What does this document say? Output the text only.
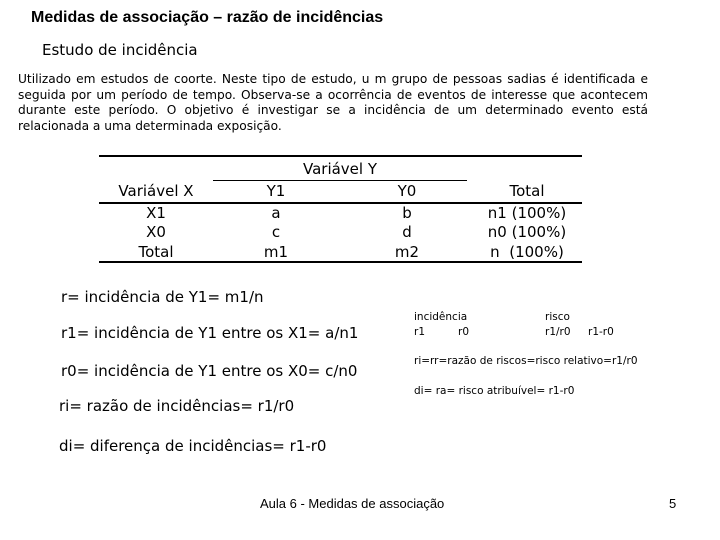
Medidas de associação – razão de incidências
Estudo de incidência
Utilizado em estudos de coorte. Neste tipo de estudo, u m grupo de pessoas sadias é identificada e
seguida por um período de tempo. Observa-se a ocorrência de eventos de interesse que acontecem
durante este período. O objetivo é investigar se a incidência de um determinado evento está
relacionada a uma determinada exposição.
Variável Y
Variável X	Y1	Y0	Total
X1	a	b	n1 (100%)
X0	c	d	n0 (100%)
Total	m1	m2	n  (100%)
r= incidência de Y1= m1/n
r1= incidência de Y1 entre os X1= a/n1
r0= incidência de Y1 entre os X0= c/n0
ri= razão de incidências= r1/r0
di= diferença de incidências= r1-r0
incidência	risco
r1	r0	r1/r0 r1-r0
ri=rr=razão de riscos=risco relativo=r1/r0
di= ra= risco atribuível= r1-r0
Aula 6 - Medidas de associação	5
